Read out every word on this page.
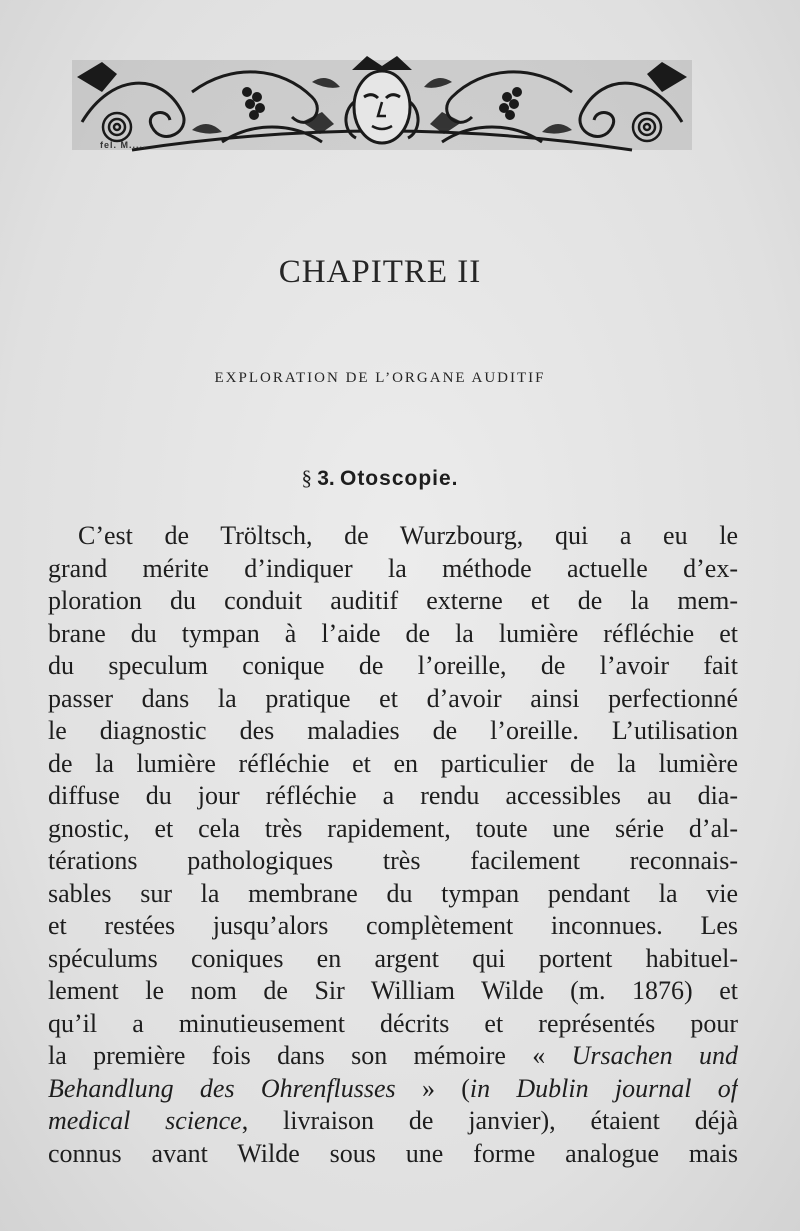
fel. M.....
CHAPITRE II
EXPLORATION DE L’ORGANE AUDITIF
§ 3. Otoscopie.
C’est de Tröltsch, de Wurzbourg, qui a eu le
grand mérite d’indiquer la méthode actuelle d’ex-
ploration du conduit auditif externe et de la mem-
brane du tympan à l’aide de la lumière réfléchie et
du speculum conique de l’oreille, de l’avoir fait
passer dans la pratique et d’avoir ainsi perfectionné
le diagnostic des maladies de l’oreille. L’utilisation
de la lumière réfléchie et en particulier de la lumière
diffuse du jour réfléchie a rendu accessibles au dia-
gnostic, et cela très rapidement, toute une série d’al-
térations pathologiques très facilement reconnais-
sables sur la membrane du tympan pendant la vie
et restées jusqu’alors complètement inconnues. Les
spéculums coniques en argent qui portent habituel-
lement le nom de Sir William Wilde (m. 1876) et
qu’il a minutieusement décrits et représentés pour
la première fois dans son mémoire « Ursachen und
Behandlung des Ohrenflusses » (in Dublin journal of
medical science, livraison de janvier), étaient déjà
connus avant Wilde sous une forme analogue mais
